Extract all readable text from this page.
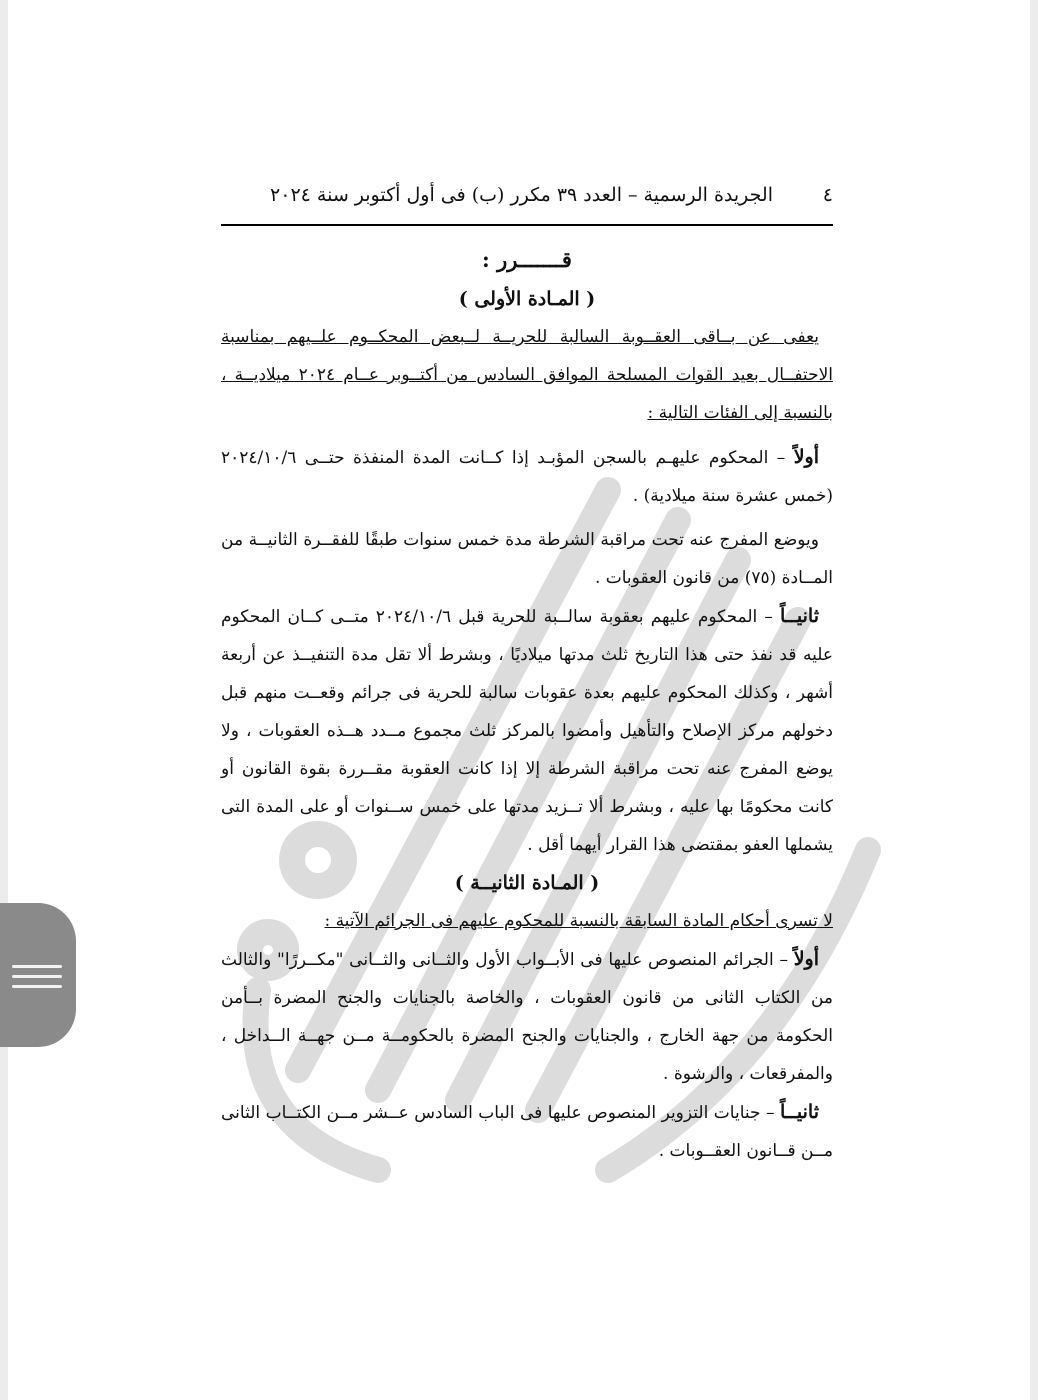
٤
الجريدة الرسمية – العدد ٣٩ مكرر (ب) فى أول أكتوبر سنة ٢٠٢٤

قـــــــرر :

( المـادة الأولى )

يعفى عن بــاقى العقــوبة السالبة للحريــة لــبعض المحكــوم علــيهم بمناسبة الاحتفــال بعيد القوات المسلحة الموافق السادس من أكتــوبر عــام ٢٠٢٤ ميلاديــة ، بالنسبة إلى الفئات التالية :

أولاً – المحكوم عليهـم بالسجن المؤبـد إذا كــانت المدة المنفذة حتــى ٢٠٢٤/١٠/٦ (خمس عشرة سنة ميلادية) .

ويوضع المفرج عنه تحت مراقبة الشرطة مدة خمس سنوات طبقًا للفقــرة الثانيــة من المــادة (٧٥) من قانون العقوبات .

ثانيــاً – المحكوم عليهم بعقوبة سالــبة للحرية قبل ٢٠٢٤/١٠/٦ متــى كــان المحكوم عليه قد نفذ حتى هذا التاريخ ثلث مدتها ميلاديًا ، وبشرط ألا تقل مدة التنفيــذ عن أربعة أشهر ، وكذلك المحكوم عليهم بعدة عقوبات سالبة للحرية فى جرائم وقعــت منهم قبل دخولهم مركز الإصلاح والتأهيل وأمضوا بالمركز ثلث مجموع مــدد هــذه العقوبات ، ولا يوضع المفرج عنه تحت مراقبة الشرطة إلا إذا كانت العقوبة مقــررة بقوة القانون أو كانت محكومًا بها عليه ، وبشرط ألا تــزيد مدتها على خمس ســنوات أو على المدة التى يشملها العفو بمقتضى هذا القرار أيهما أقل .

( المـادة الثانيــة )

لا تسرى أحكام المادة السابقة بالنسبة للمحكوم عليهم فى الجرائم الآتية :

أولاً – الجرائم المنصوص عليها فى الأبــواب الأول والثــانى والثــانى "مكــررًا" والثالث من الكتاب الثانى من قانون العقوبات ، والخاصة بالجنايات والجنح المضرة بــأمن الحكومة من جهة الخارج ، والجنايات والجنح المضرة بالحكومــة مــن جهــة الــداخل ، والمفرقعات ، والرشوة .

ثانيــاً – جنايات التزوير المنصوص عليها فى الباب السادس عــشر مــن الكتــاب الثانى مــن قــانون العقــوبات .
